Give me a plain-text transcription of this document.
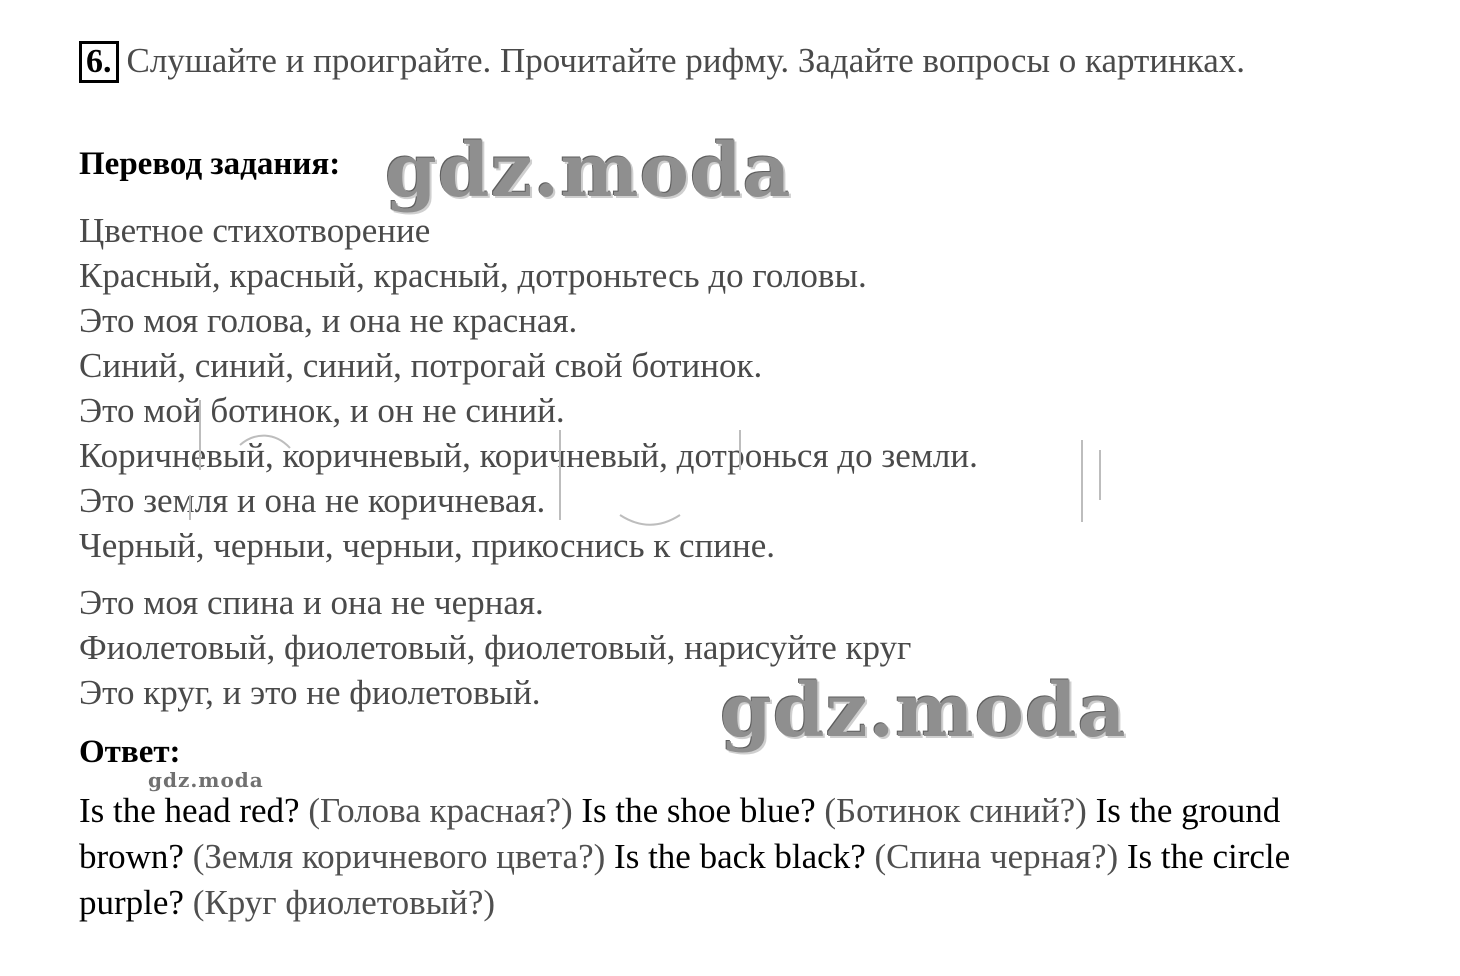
6. Слушайте и проиграйте. Прочитайте рифму. Задайте вопросы о картинках.
Перевод задания:
Цветное стихотворение
Красный, красный, красный, дотроньтесь до головы.
Это моя голова, и она не красная.
Синий, синий, синий, потрогай свой ботинок.
Это мой ботинок, и он не синий.
Коричневый, коричневый, коричневый, дотронься до земли.
Это земля и она не коричневая.
Черный, черныи, черныи, прикоснись к спине.
Это моя спина и она не черная.
Фиолетовый, фиолетовый, фиолетовый, нарисуйте круг
Это круг, и это не фиолетовый.
Ответ:
Is the head red? (Голова красная?) Is the shoe blue? (Ботинок синий?) Is the ground brown? (Земля коричневого цвета?) Is the back black? (Спина черная?) Is the circle purple? (Круг фиолетовый?)
gdz.moda
gdz.moda
gdz.moda
